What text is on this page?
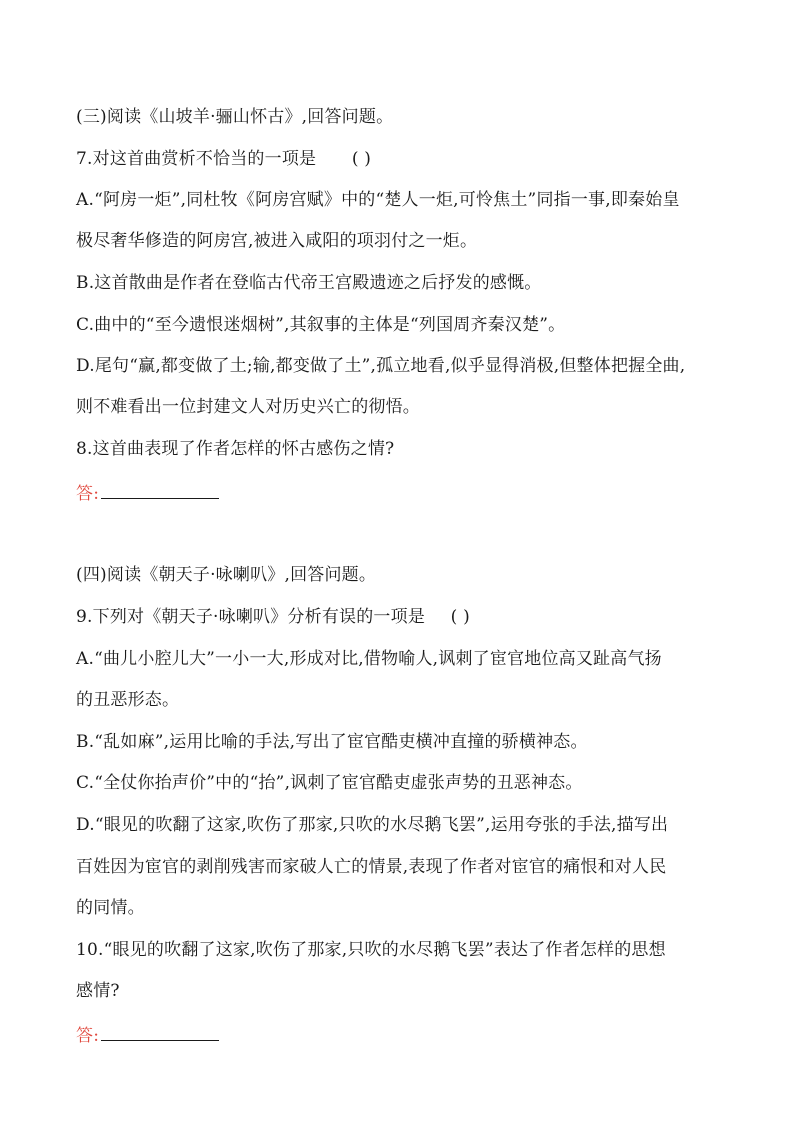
(三)阅读《山坡羊·骊山怀古》,回答问题。
7.对这首曲赏析不恰当的一项是 ( )
A.“阿房一炬”,同杜牧《阿房宫赋》中的“楚人一炬,可怜焦土”同指一事,即秦始皇
极尽奢华修造的阿房宫,被进入咸阳的项羽付之一炬。
B.这首散曲是作者在登临古代帝王宫殿遗迹之后抒发的感慨。
C.曲中的“至今遗恨迷烟树”,其叙事的主体是“列国周齐秦汉楚”。
D.尾句“赢,都变做了土;输,都变做了土”,孤立地看,似乎显得消极,但整体把握全曲,
则不难看出一位封建文人对历史兴亡的彻悟。
8.这首曲表现了作者怎样的怀古感伤之情?
答:
(四)阅读《朝天子·咏喇叭》,回答问题。
9.下列对《朝天子·咏喇叭》分析有误的一项是 ( )
A.“曲儿小腔儿大”一小一大,形成对比,借物喻人,讽刺了宦官地位高又趾高气扬
的丑恶形态。
B.“乱如麻”,运用比喻的手法,写出了宦官酷吏横冲直撞的骄横神态。
C.“全仗你抬声价”中的“抬”,讽刺了宦官酷吏虚张声势的丑恶神态。
D.“眼见的吹翻了这家,吹伤了那家,只吹的水尽鹅飞罢”,运用夸张的手法,描写出
百姓因为宦官的剥削残害而家破人亡的情景,表现了作者对宦官的痛恨和对人民
的同情。
10.“眼见的吹翻了这家,吹伤了那家,只吹的水尽鹅飞罢”表达了作者怎样的思想
感情?
答:
